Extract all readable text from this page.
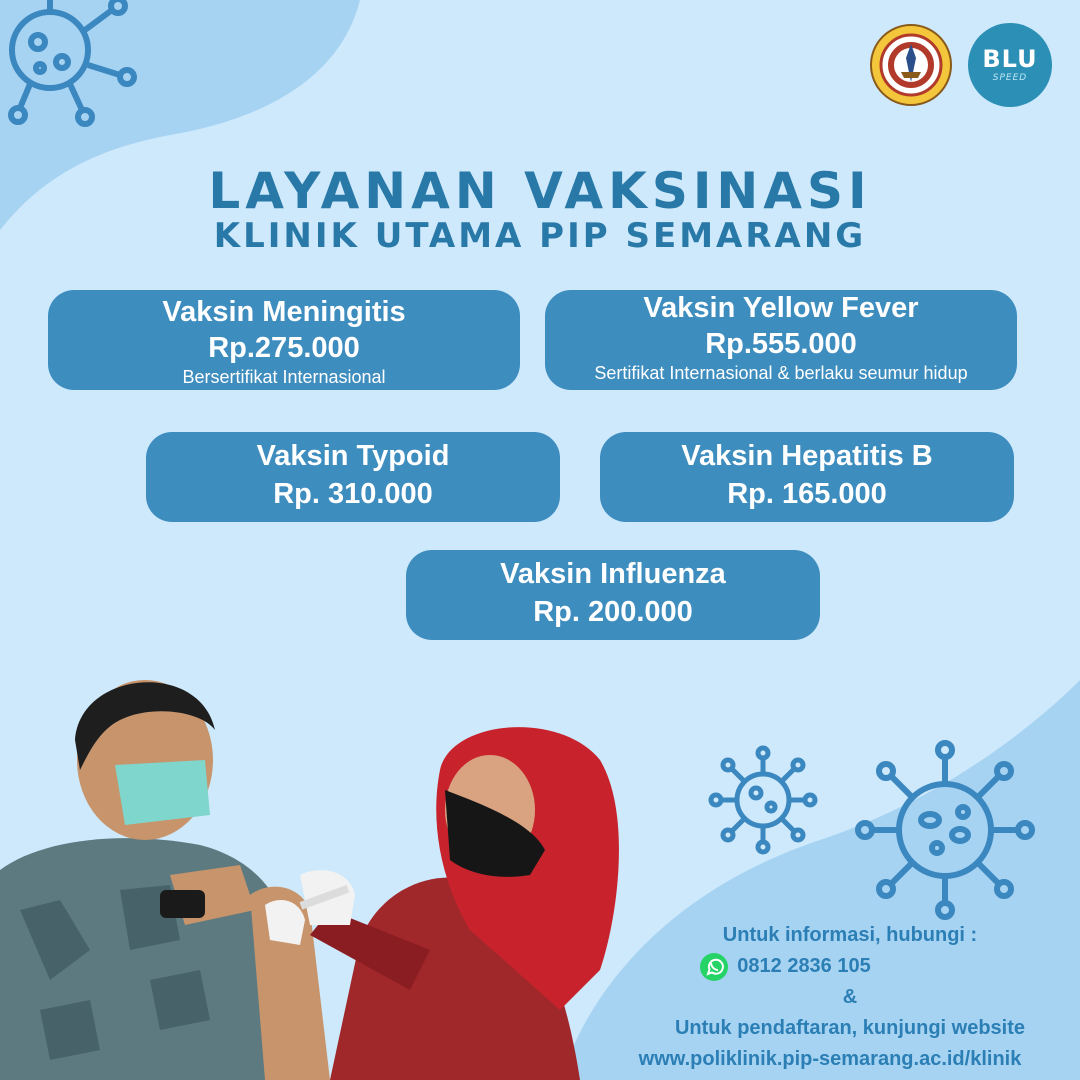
BLU
SPEED
LAYANAN VAKSINASI
KLINIK UTAMA PIP SEMARANG
Vaksin Meningitis
Rp.275.000
Bersertifikat Internasional
Vaksin Yellow Fever
Rp.555.000
Sertifikat Internasional & berlaku seumur hidup
Vaksin Typoid
Rp. 310.000
Vaksin Hepatitis B
Rp. 165.000
Vaksin Influenza
Rp. 200.000
Untuk informasi, hubungi :
0812 2836 105
&
Untuk pendaftaran, kunjungi website
www.poliklinik.pip-semarang.ac.id/klinik
